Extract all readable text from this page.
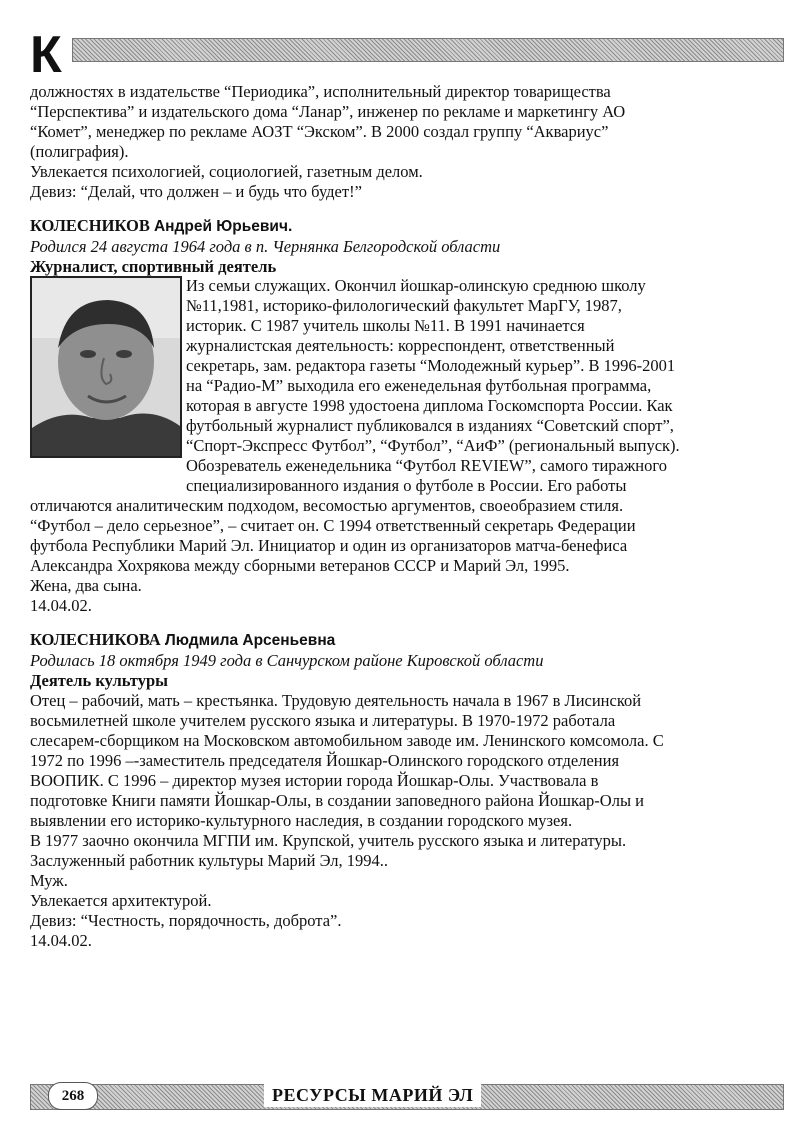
К
должностях в издательстве “Периодика”, исполнительный директор товарищества
“Перспектива” и издательского дома “Ланар”, инженер по рекламе и маркетингу АО
“Комет”, менеджер по рекламе АОЗТ “Экском”. В 2000 создал группу “Аквариус”
(полиграфия).
Увлекается психологией, социологией, газетным делом.
Девиз: “Делай, что должен – и будь что будет!”
КОЛЕСНИКОВ Андрей Юрьевич.
Родился 24 августа 1964 года в п. Чернянка Белгородской области
Журналист, спортивный деятель
Из семьи служащих. Окончил йошкар-олинскую среднюю школу
№11,1981, историко-филологический факультет МарГУ, 1987,
историк. С 1987 учитель школы №11. В 1991 начинается
журналистская деятельность: корреспондент, ответственный
секретарь, зам. редактора газеты “Молодежный курьер”. В 1996-2001
на “Радио-М” выходила его еженедельная футбольная программа,
которая в августе 1998 удостоена диплома Госкомспорта России. Как
футбольный журналист публиковался в изданиях “Советский спорт”,
“Спорт-Экспресс Футбол”, “Футбол”, “АиФ” (региональный выпуск).
Обозреватель еженедельника “Футбол REVIEW”, самого тиражного
специализированного издания о футболе в России. Его работы
отличаются аналитическим подходом, весомостью аргументов, своеобразием стиля.
“Футбол – дело серьезное”, – считает он. С 1994 ответственный секретарь Федерации
футбола Республики Марий Эл. Инициатор и один из организаторов матча-бенефиса
Александра Хохрякова между сборными ветеранов СССР и Марий Эл, 1995.
Жена, два сына.
14.04.02.
КОЛЕСНИКОВА Людмила Арсеньевна
Родилась 18 октября 1949 года в Санчурском районе Кировской области
Деятель культуры
Отец – рабочий, мать – крестьянка. Трудовую деятельность начала в 1967 в Лисинской
восьмилетней школе учителем русского языка и литературы. В 1970-1972 работала
слесарем-сборщиком на Московском автомобильном заводе им. Ленинского комсомола. С
1972 по 1996 –-заместитель председателя Йошкар-Олинского городского отделения
ВООПИК. С 1996 – директор музея истории города Йошкар-Олы. Участвовала в
подготовке Книги памяти Йошкар-Олы, в создании заповедного района Йошкар-Олы и
выявлении его историко-культурного наследия, в создании городского музея.
В 1977 заочно окончила МГПИ им. Крупской, учитель русского языка и литературы.
Заслуженный работник культуры Марий Эл, 1994..
Муж.
Увлекается архитектурой.
Девиз: “Честность, порядочность, доброта”.
14.04.02.
268	РЕСУРСЫ МАРИЙ ЭЛ
